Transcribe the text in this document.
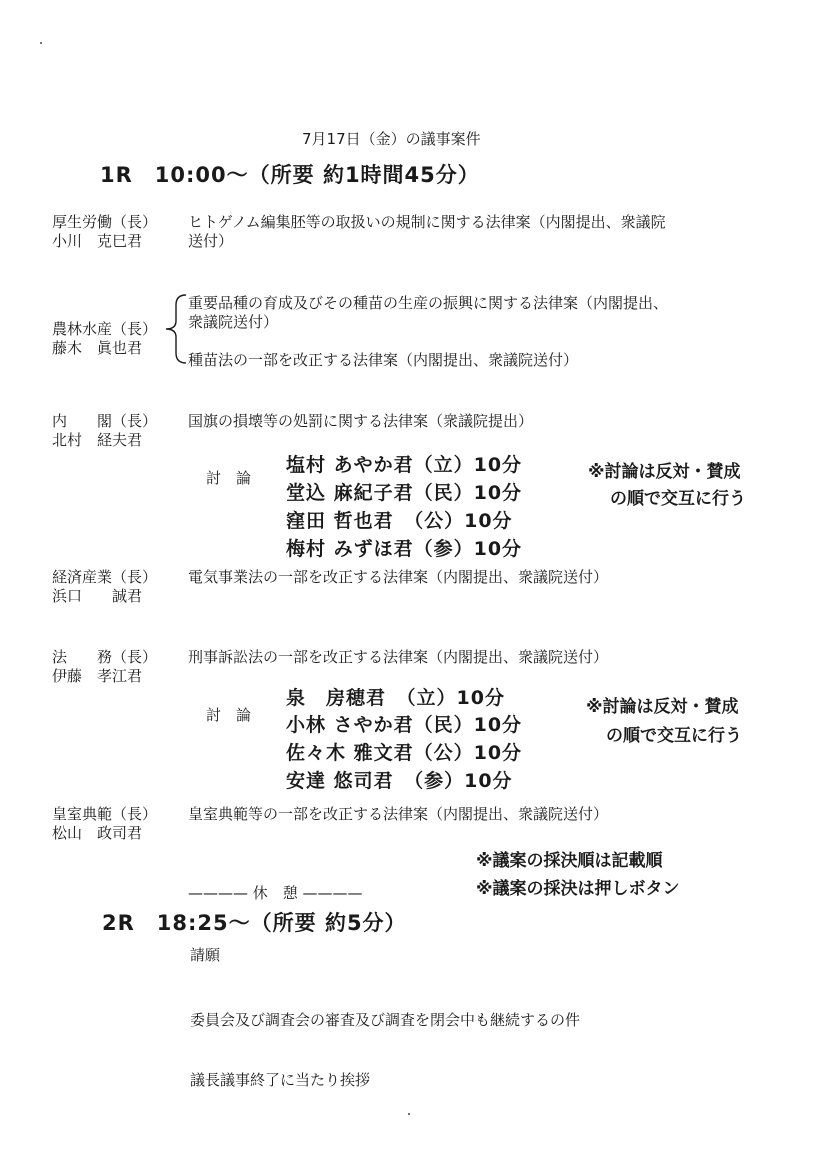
7月17日（金）の議事案件
1R　10:00～（所要 約1時間45分）
厚生労働（長）
小川　克巳君
ヒトゲノム編集胚等の取扱いの規制に関する法律案（内閣提出、衆議院
送付）
農林水産（長）
藤木　眞也君
重要品種の育成及びその種苗の生産の振興に関する法律案（内閣提出、
衆議院送付）
種苗法の一部を改正する法律案（内閣提出、衆議院送付）
内　　閣（長）
北村　経夫君
国旗の損壊等の処罰に関する法律案（衆議院提出）
討　論
塩村 あやか君（立）10分
堂込 麻紀子君（民）10分
窪田 哲也君　（公）10分
梅村 みずほ君（参）10分
※討論は反対・賛成
の順で交互に行う
経済産業（長）
浜口　　誠君
電気事業法の一部を改正する法律案（内閣提出、衆議院送付）
法　　務（長）
伊藤　孝江君
刑事訴訟法の一部を改正する法律案（内閣提出、衆議院送付）
討　論
泉　房穂君　（立）10分
小林 さやか君（民）10分
佐々木 雅文君（公）10分
安達 悠司君　（参）10分
※討論は反対・賛成
の順で交互に行う
皇室典範（長）
松山　政司君
皇室典範等の一部を改正する法律案（内閣提出、衆議院送付）
※議案の採決順は記載順
※議案の採決は押しボタン
———— 休　憩 ————
2R　18:25～（所要 約5分）
請願
委員会及び調査会の審査及び調査を閉会中も継続するの件
議長議事終了に当たり挨拶
